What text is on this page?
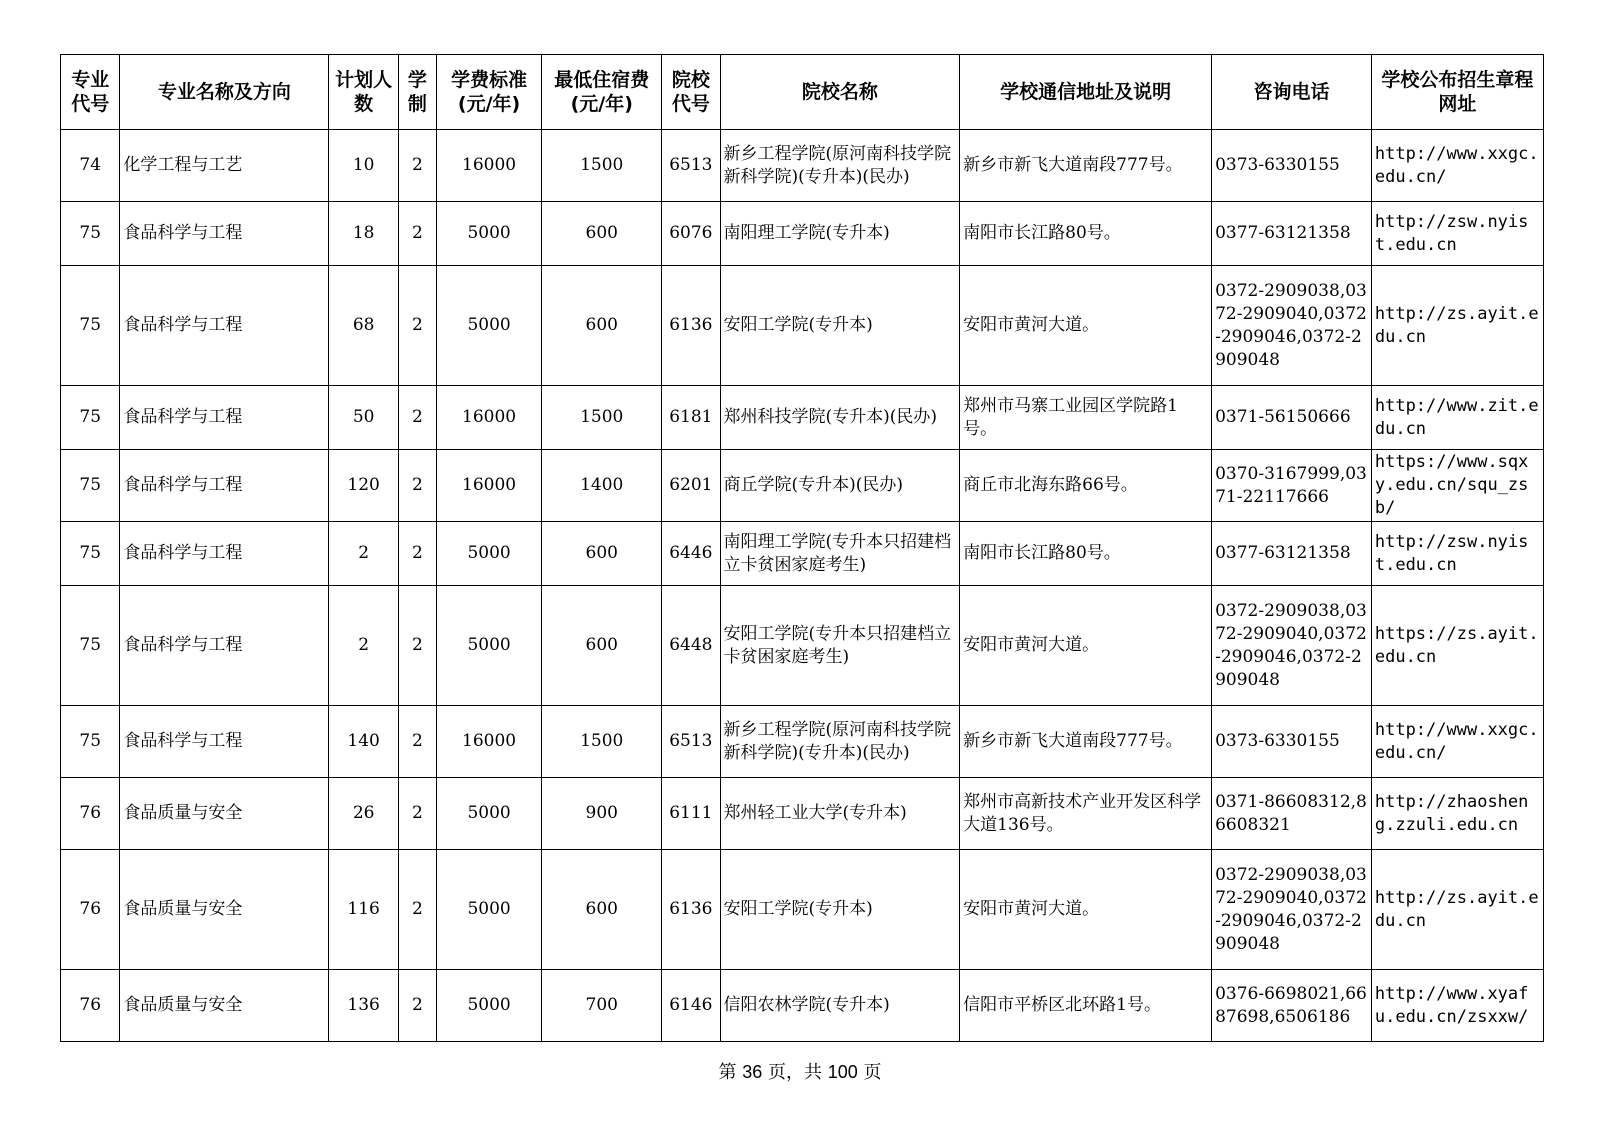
专业代号	专业名称及方向	计划人数	学制	学费标准(元/年)	最低住宿费(元/年)	院校代号	院校名称	学校通信地址及说明	咨询电话	学校公布招生章程网址
74	化学工程与工艺	10	2	16000	1500	6513	新乡工程学院(原河南科技学院新科学院)(专升本)(民办)	新乡市新飞大道南段777号。	0373-6330155	http://www.xxgc.edu.cn/
75	食品科学与工程	18	2	5000	600	6076	南阳理工学院(专升本)	南阳市长江路80号。	0377-63121358	http://zsw.nyist.edu.cn
75	食品科学与工程	68	2	5000	600	6136	安阳工学院(专升本)	安阳市黄河大道。	0372-2909038,0372-2909040,0372-2909046,0372-2909048	http://zs.ayit.edu.cn
75	食品科学与工程	50	2	16000	1500	6181	郑州科技学院(专升本)(民办)	郑州市马寨工业园区学院路1号。	0371-56150666	http://www.zit.edu.cn
75	食品科学与工程	120	2	16000	1400	6201	商丘学院(专升本)(民办)	商丘市北海东路66号。	0370-3167999,0371-22117666	https://www.sqxy.edu.cn/squ_zsb/
75	食品科学与工程	2	2	5000	600	6446	南阳理工学院(专升本只招建档立卡贫困家庭考生)	南阳市长江路80号。	0377-63121358	http://zsw.nyist.edu.cn
75	食品科学与工程	2	2	5000	600	6448	安阳工学院(专升本只招建档立卡贫困家庭考生)	安阳市黄河大道。	0372-2909038,0372-2909040,0372-2909046,0372-2909048	https://zs.ayit.edu.cn
75	食品科学与工程	140	2	16000	1500	6513	新乡工程学院(原河南科技学院新科学院)(专升本)(民办)	新乡市新飞大道南段777号。	0373-6330155	http://www.xxgc.edu.cn/
76	食品质量与安全	26	2	5000	900	6111	郑州轻工业大学(专升本)	郑州市高新技术产业开发区科学大道136号。	0371-86608312,86608321	http://zhaosheng.zzuli.edu.cn
76	食品质量与安全	116	2	5000	600	6136	安阳工学院(专升本)	安阳市黄河大道。	0372-2909038,0372-2909040,0372-2909046,0372-2909048	http://zs.ayit.edu.cn
76	食品质量与安全	136	2	5000	700	6146	信阳农林学院(专升本)	信阳市平桥区北环路1号。	0376-6698021,6687698,6506186	http://www.xyafu.edu.cn/zsxxw/
第 36 页，共 100 页
